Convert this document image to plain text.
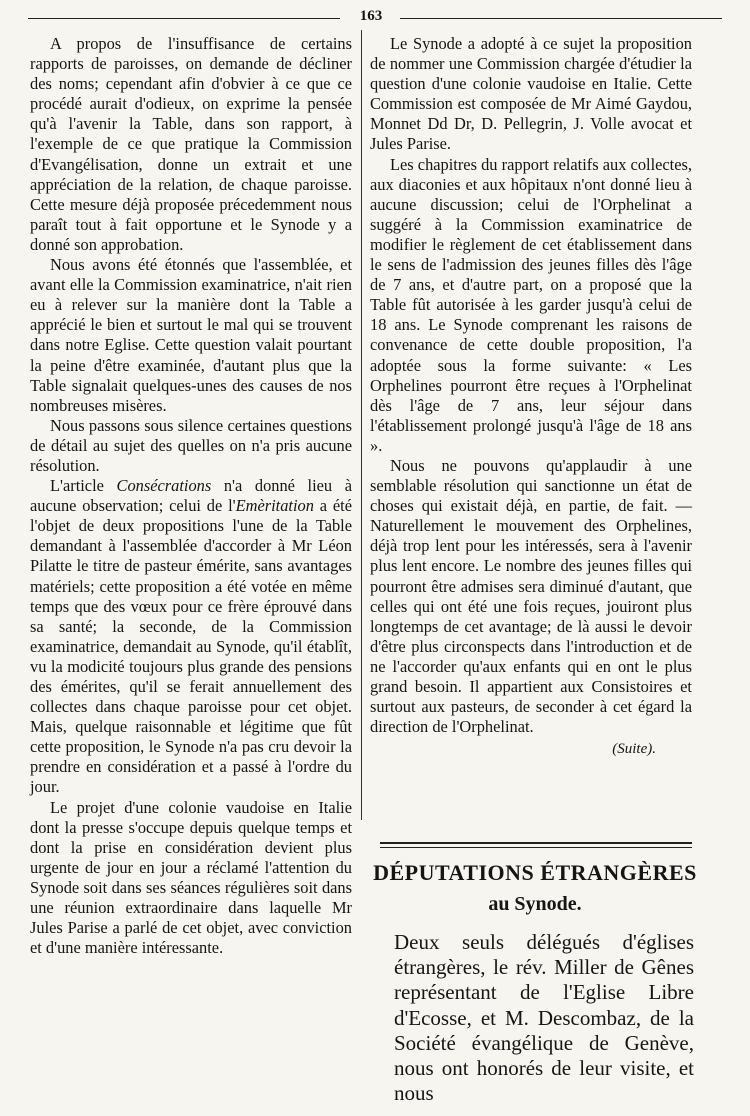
163

A propos de l'insuffisance de certains rapports de paroisses, on demande de décliner des noms; cependant afin d'obvier à ce que ce procédé aurait d'odieux, on exprime la pensée qu'à l'avenir la Table, dans son rapport, à l'exemple de ce que pratique la Commission d'Evangélisation, donne un extrait et une appréciation de la relation, de chaque paroisse. Cette mesure déjà proposée précedemment nous paraît tout à fait opportune et le Synode y a donné son approbation.

Nous avons été étonnés que l'assemblée, et avant elle la Commission examinatrice, n'ait rien eu à relever sur la manière dont la Table a apprécié le bien et surtout le mal qui se trouvent dans notre Eglise. Cette question valait pourtant la peine d'être examinée, d'autant plus que la Table signalait quelques-unes des causes de nos nombreuses misères.

Nous passons sous silence certaines questions de détail au sujet des quelles on n'a pris aucune résolution.

L'article Consécrations n'a donné lieu à aucune observation; celui de l'Emèritation a été l'objet de deux propositions l'une de la Table demandant à l'assemblée d'accorder à Mr Léon Pilatte le titre de pasteur émérite, sans avantages matériels; cette proposition a été votée en même temps que des vœux pour ce frère éprouvé dans sa santé; la seconde, de la Commission examinatrice, demandait au Synode, qu'il établît, vu la modicité toujours plus grande des pensions des émérites, qu'il se ferait annuellement des collectes dans chaque paroisse pour cet objet. Mais, quelque raisonnable et légitime que fût cette proposition, le Synode n'a pas cru devoir la prendre en considération et a passé à l'ordre du jour.

Le projet d'une colonie vaudoise en Italie dont la presse s'occupe depuis quelque temps et dont la prise en considération devient plus urgente de jour en jour a réclamé l'attention du Synode soit dans ses séances régulières soit dans une réunion extraordinaire dans laquelle Mr Jules Parise a parlé de cet objet, avec conviction et d'une manière intéressante.

Le Synode a adopté à ce sujet la proposition de nommer une Commission chargée d'étudier la question d'une colonie vaudoise en Italie. Cette Commission est composée de Mr Aimé Gaydou, Monnet Dd Dr, D. Pellegrin, J. Volle avocat et Jules Parise.

Les chapitres du rapport relatifs aux collectes, aux diaconies et aux hôpitaux n'ont donné lieu à aucune discussion; celui de l'Orphelinat a suggéré à la Commission examinatrice de modifier le règlement de cet établissement dans le sens de l'admission des jeunes filles dès l'âge de 7 ans, et d'autre part, on a proposé que la Table fût autorisée à les garder jusqu'à celui de 18 ans. Le Synode comprenant les raisons de convenance de cette double proposition, l'a adoptée sous la forme suivante: « Les Orphelines pourront être reçues à l'Orphelinat dès l'âge de 7 ans, leur séjour dans l'établissement prolongé jusqu'à l'âge de 18 ans ».

Nous ne pouvons qu'applaudir à une semblable résolution qui sanctionne un état de choses qui existait déjà, en partie, de fait. — Naturellement le mouvement des Orphelines, déjà trop lent pour les intéressés, sera à l'avenir plus lent encore. Le nombre des jeunes filles qui pourront être admises sera diminué d'autant, que celles qui ont été une fois reçues, jouiront plus longtemps de cet avantage; de là aussi le devoir d'être plus circonspects dans l'introduction et de ne l'accorder qu'aux enfants qui en ont le plus grand besoin. Il appartient aux Consistoires et surtout aux pasteurs, de seconder à cet égard la direction de l'Orphelinat.

(Suite).
DÉPUTATIONS ÉTRANGÈRES
au Synode.

Deux seuls délégués d'églises étrangères, le rév. Miller de Gênes représentant de l'Eglise Libre d'Ecosse, et M. Descombaz, de la Société évangélique de Genève, nous ont honorés de leur visite, et nous
